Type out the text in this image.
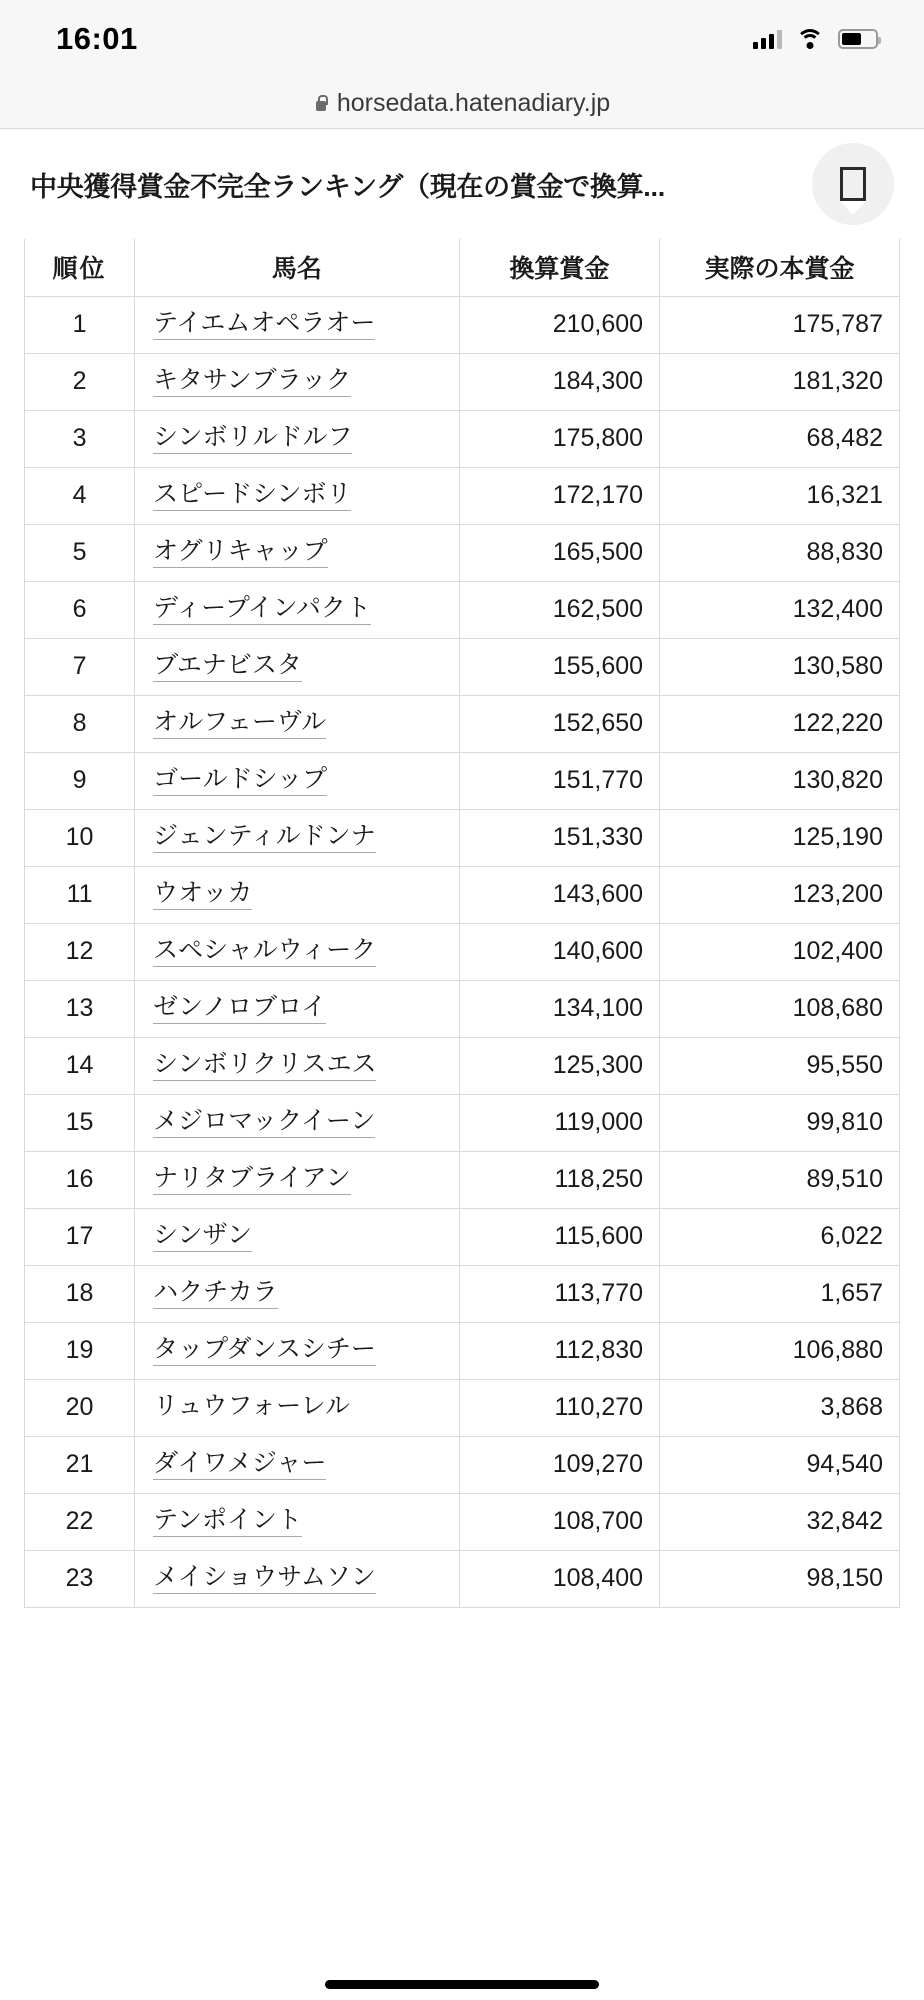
16:01
horsedata.hatenadiary.jp
中央獲得賞金不完全ランキング（現在の賞金で換算...
順位	馬名	換算賞金	実際の本賞金
1	テイエムオペラオー	210,600	175,787
2	キタサンブラック	184,300	181,320
3	シンボリルドルフ	175,800	68,482
4	スピードシンボリ	172,170	16,321
5	オグリキャップ	165,500	88,830
6	ディープインパクト	162,500	132,400
7	ブエナビスタ	155,600	130,580
8	オルフェーヴル	152,650	122,220
9	ゴールドシップ	151,770	130,820
10	ジェンティルドンナ	151,330	125,190
11	ウオッカ	143,600	123,200
12	スペシャルウィーク	140,600	102,400
13	ゼンノロブロイ	134,100	108,680
14	シンボリクリスエス	125,300	95,550
15	メジロマックイーン	119,000	99,810
16	ナリタブライアン	118,250	89,510
17	シンザン	115,600	6,022
18	ハクチカラ	113,770	1,657
19	タップダンスシチー	112,830	106,880
20	リュウフォーレル	110,270	3,868
21	ダイワメジャー	109,270	94,540
22	テンポイント	108,700	32,842
23	メイショウサムソン	108,400	98,150
